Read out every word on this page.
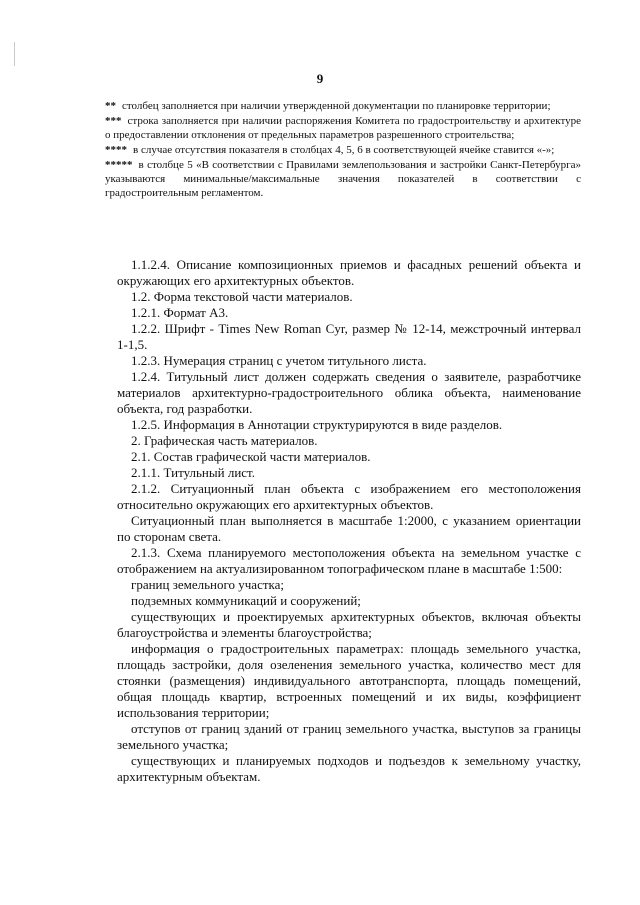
9

** столбец заполняется при наличии утвержденной документации по планировке территории;

*** строка заполняется при наличии распоряжения Комитета по градостроительству и архитектуре о предоставлении отклонения от предельных параметров разрешенного строительства;

**** в случае отсутствия показателя в столбцах 4, 5, 6 в соответствующей ячейке ставится «-»;

***** в столбце 5 «В соответствии с Правилами землепользования и застройки Санкт-Петербурга» указываются минимальные/максимальные значения показателей в соответствии с градостроительным регламентом.

1.1.2.4. Описание композиционных приемов и фасадных решений объекта и окружающих его архитектурных объектов.

1.2. Форма текстовой части материалов.

1.2.1. Формат А3.

1.2.2. Шрифт - Times New Roman Cyr, размер № 12-14, межстрочный интервал 1-1,5.

1.2.3. Нумерация страниц с учетом титульного листа.

1.2.4. Титульный лист должен содержать сведения о заявителе, разработчике материалов архитектурно-градостроительного облика объекта, наименование объекта, год разработки.

1.2.5. Информация в Аннотации структурируются в виде разделов.

2. Графическая часть материалов.

2.1. Состав графической части материалов.

2.1.1. Титульный лист.

2.1.2. Ситуационный план объекта с изображением его местоположения относительно окружающих его архитектурных объектов.

Ситуационный план выполняется в масштабе 1:2000, с указанием ориентации по сторонам света.

2.1.3. Схема планируемого местоположения объекта на земельном участке с отображением на актуализированном топографическом плане в масштабе 1:500:

границ земельного участка;

подземных коммуникаций и сооружений;

существующих и проектируемых архитектурных объектов, включая объекты благоустройства и элементы благоустройства;

информация о градостроительных параметрах: площадь земельного участка, площадь застройки, доля озеленения земельного участка, количество мест для стоянки (размещения) индивидуального автотранспорта, площадь помещений, общая площадь квартир, встроенных помещений и их виды, коэффициент использования территории;

отступов от границ зданий от границ земельного участка, выступов за границы земельного участка;

существующих и планируемых подходов и подъездов к земельному участку, архитектурным объектам.
